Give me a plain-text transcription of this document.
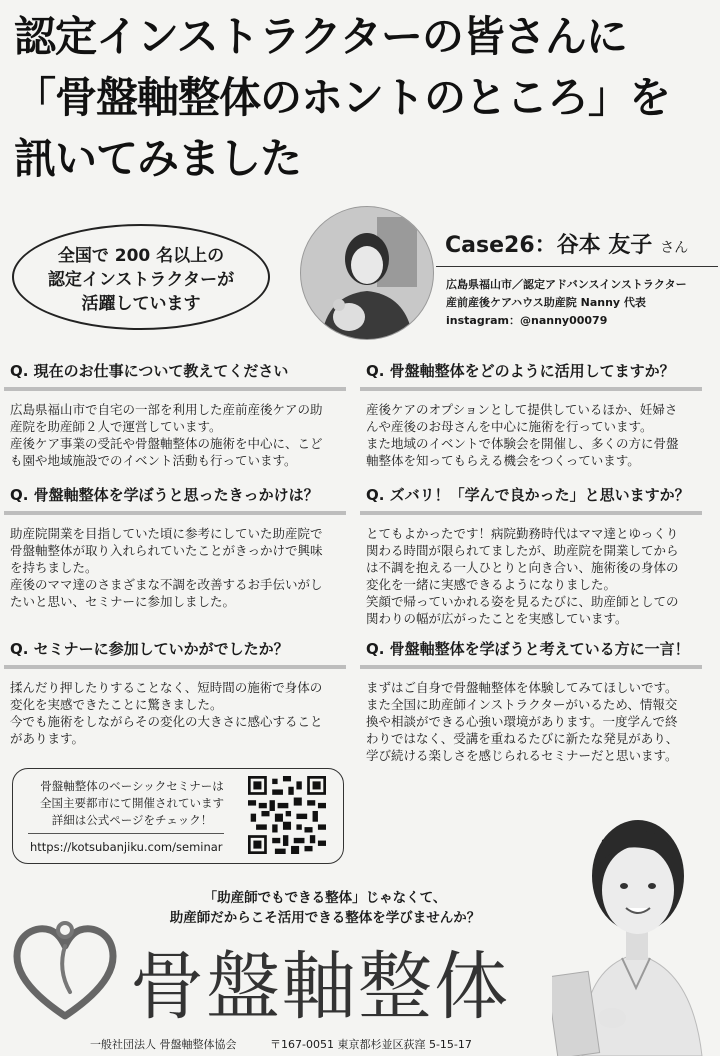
認定インストラクターの皆さんに
「骨盤軸整体のホントのところ」を
訊いてみました
全国で 200 名以上の
認定インストラクターが
活躍しています
Case26：谷本 友子 さん
広島県福山市／認定アドバンスインストラクター
産前産後ケアハウス助産院 Nanny 代表
instagram：@nanny00079
Q. 現在のお仕事について教えてください
広島県福山市で自宅の一部を利用した産前産後ケアの助
産院を助産師２人で運営しています。
産後ケア事業の受託や骨盤軸整体の施術を中心に、こど
も園や地域施設でのイベント活動も行っています。
Q. 骨盤軸整体をどのように活用してますか？
産後ケアのオプションとして提供しているほか、妊婦さ
んや産後のお母さんを中心に施術を行っています。
また地域のイベントで体験会を開催し、多くの方に骨盤
軸整体を知ってもらえる機会をつくっています。
Q. 骨盤軸整体を学ぼうと思ったきっかけは？
助産院開業を目指していた頃に参考にしていた助産院で
骨盤軸整体が取り入れられていたことがきっかけで興味
を持ちました。
産後のママ達のさまざまな不調を改善するお手伝いがし
たいと思い、セミナーに参加しました。
Q. ズバリ！「学んで良かった」と思いますか？
とてもよかったです！病院勤務時代はママ達とゆっくり
関わる時間が限られてましたが、助産院を開業してから
は不調を抱える一人ひとりと向き合い、施術後の身体の
変化を一緒に実感できるようになりました。
笑顔で帰っていかれる姿を見るたびに、助産師としての
関わりの幅が広がったことを実感しています。
Q. セミナーに参加していかがでしたか？
揉んだり押したりすることなく、短時間の施術で身体の
変化を実感できたことに驚きました。
今でも施術をしながらその変化の大きさに感心すること
があります。
Q. 骨盤軸整体を学ぼうと考えている方に一言！
まずはご自身で骨盤軸整体を体験してみてほしいです。
また全国に助産師インストラクターがいるため、情報交
換や相談ができる心強い環境があります。一度学んで終
わりではなく、受講を重ねるたびに新たな発見があり、
学び続ける楽しさを感じられるセミナーだと思います。
骨盤軸整体のベーシックセミナーは
全国主要都市にて開催されています
詳細は公式ページをチェック！
https://kotsubanjiku.com/seminar
「助産師でもできる整体」じゃなくて、
助産師だからこそ活用できる整体を学びませんか？
骨盤軸整体
一般社団法人 骨盤軸整体協会	〒167-0051 東京都杉並区荻窪 5-15-17
